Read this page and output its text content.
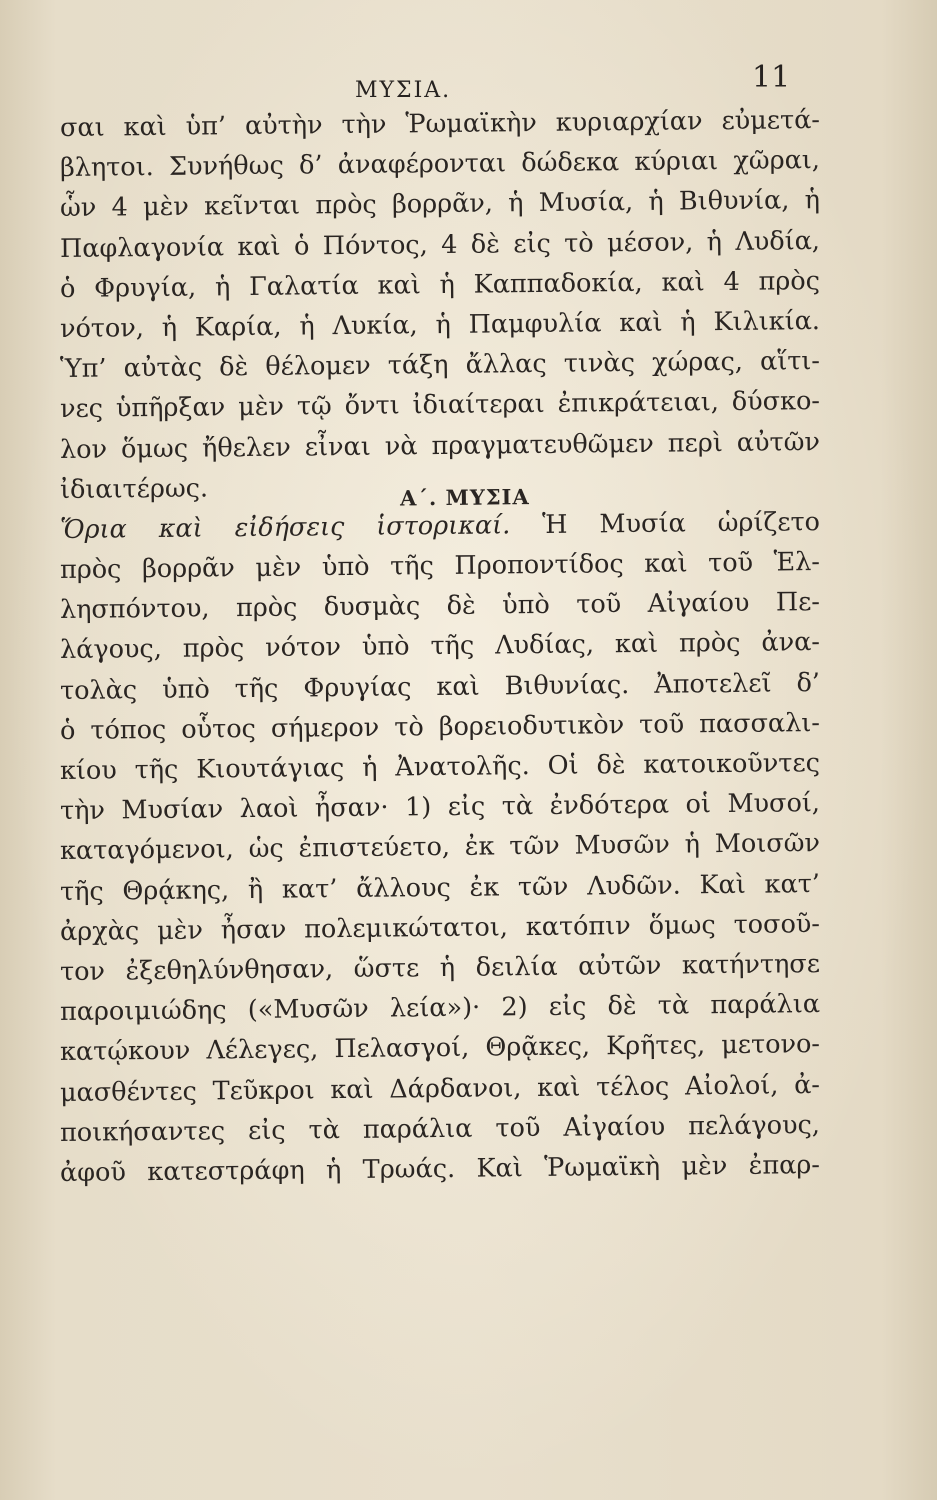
ΜΥΣΙΑ.	11
σαι καὶ ὑπ’ αὐτὴν τὴν Ῥωμαϊκὴν κυριαρχίαν εὐμετά-
βλητοι. Συνήθως δ’ ἀναφέρονται δώδεκα κύριαι χῶραι,
ὧν 4 μὲν κεῖνται πρὸς βορρᾶν, ἡ Μυσία, ἡ Βιθυνία, ἡ
Παφλαγονία καὶ ὁ Πόντος, 4 δὲ εἰς τὸ μέσον, ἡ Λυδία,
ὁ Φρυγία, ἡ Γαλατία καὶ ἡ Καππαδοκία, καὶ 4 πρὸς
νότον, ἡ Καρία, ἡ Λυκία, ἡ Παμφυλία καὶ ἡ Κιλικία.
Ὑπ’ αὐτὰς δὲ θέλομεν τάξη ἄλλας τινὰς χώρας, αἵτι-
νες ὑπῆρξαν μὲν τῷ ὄντι ἰδιαίτεραι ἐπικράτειαι, δύσκο-
λον ὅμως ἤθελεν εἶναι νὰ πραγματευθῶμεν περὶ αὐτῶν
ἰδιαιτέρως.	Α΄. ΜΥΣΙΑ
Ὅρια καὶ εἰδήσεις ἱστορικαί. Ἡ Μυσία ὡρίζετο
πρὸς βορρᾶν μὲν ὑπὸ τῆς Προποντίδος καὶ τοῦ Ἑλ-
λησπόντου, πρὸς δυσμὰς δὲ ὑπὸ τοῦ Αἰγαίου Πε-
λάγους, πρὸς νότον ὑπὸ τῆς Λυδίας, καὶ πρὸς ἀνα-
τολὰς ὑπὸ τῆς Φρυγίας καὶ Βιθυνίας. Ἀποτελεῖ δ’
ὁ τόπος οὗτος σήμερον τὸ βορειοδυτικὸν τοῦ πασσαλι-
κίου τῆς Κιουτάγιας ἡ Ἀνατολῆς. Οἱ δὲ κατοικοῦντες
τὴν Μυσίαν λαοὶ ἦσαν· 1) εἰς τὰ ἐνδότερα οἱ Μυσοί,
καταγόμενοι, ὡς ἐπιστεύετο, ἐκ τῶν Μυσῶν ἡ Μοισῶν
τῆς Θρᾴκης, ἢ κατ’ ἄλλους ἐκ τῶν Λυδῶν. Καὶ κατ’
ἀρχὰς μὲν ἦσαν πολεμικώτατοι, κατόπιν ὅμως τοσοῦ-
τον ἐξεθηλύνθησαν, ὥστε ἡ δειλία αὐτῶν κατήντησε
παροιμιώδης («Μυσῶν λεία»)· 2) εἰς δὲ τὰ παράλια
κατῴκουν Λέλεγες, Πελασγοί, Θρᾷκες, Κρῆτες, μετονο-
μασθέντες Τεῦκροι καὶ Δάρδανοι, καὶ τέλος Αἰολοί, ἀ-
ποικήσαντες εἰς τὰ παράλια τοῦ Αἰγαίου πελάγους,
ἀφοῦ κατεστράφη ἡ Τρωάς. Καὶ Ῥωμαϊκὴ μὲν ἐπαρ-
